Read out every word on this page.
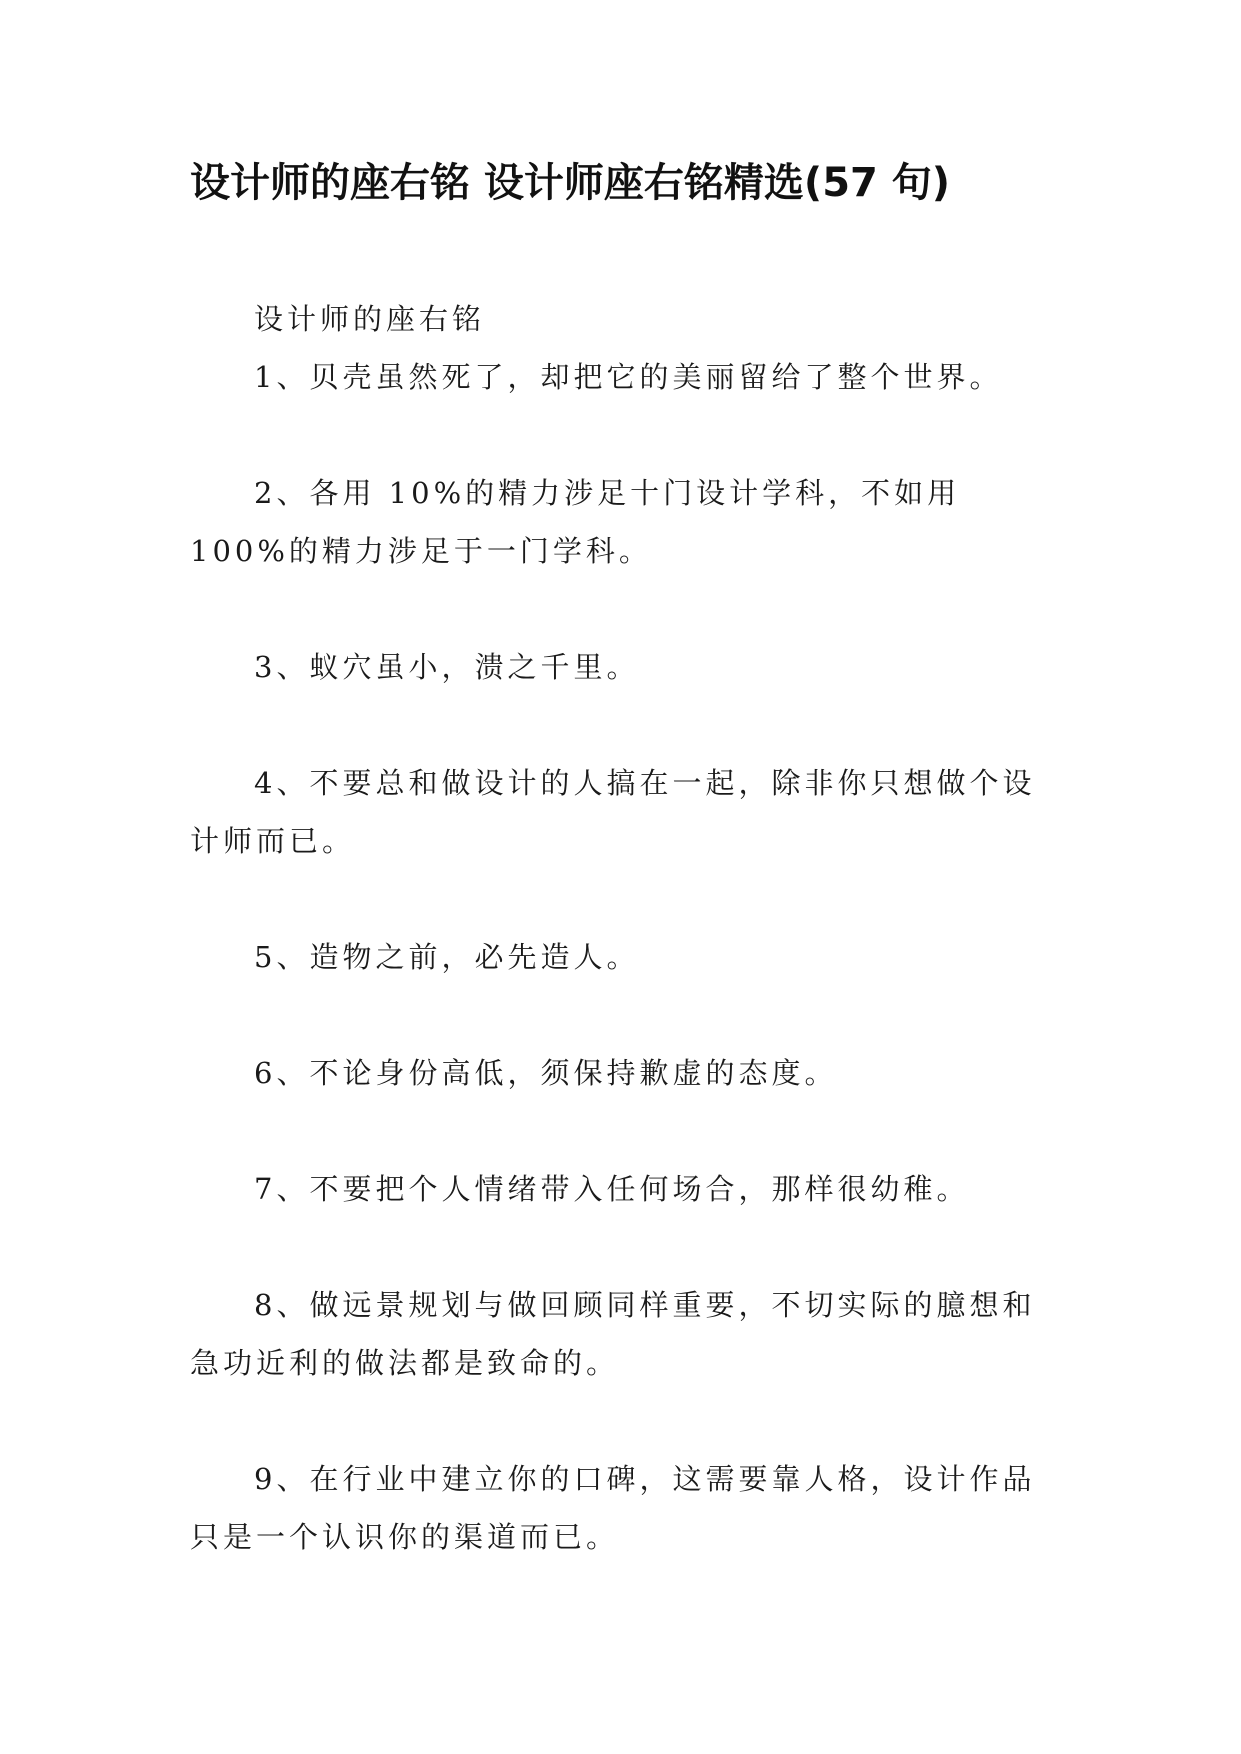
设计师的座右铭 设计师座右铭精选(57 句)

设计师的座右铭

1、贝壳虽然死了，却把它的美丽留给了整个世界。

2、各用 10%的精力涉足十门设计学科，不如用 100%的精力涉足于一门学科。

3、蚁穴虽小，溃之千里。

4、不要总和做设计的人搞在一起，除非你只想做个设计师而已。

5、造物之前，必先造人。

6、不论身份高低，须保持歉虚的态度。

7、不要把个人情绪带入任何场合，那样很幼稚。

8、做远景规划与做回顾同样重要，不切实际的臆想和急功近利的做法都是致命的。

9、在行业中建立你的口碑，这需要靠人格，设计作品只是一个认识你的渠道而已。
